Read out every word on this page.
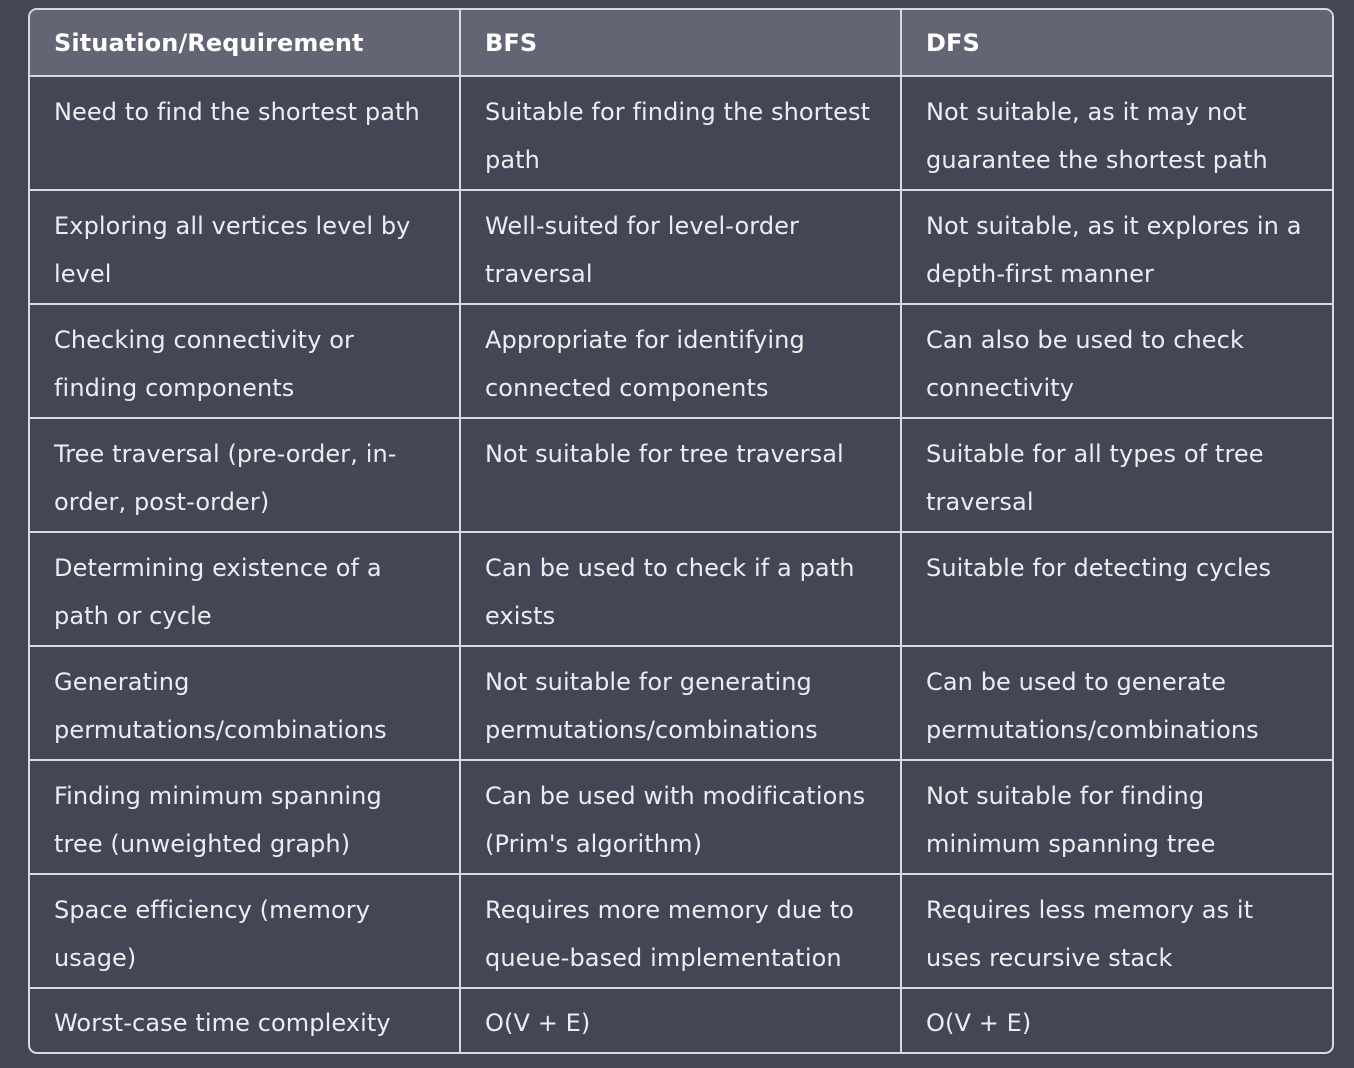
Situation/Requirement	BFS	DFS
Need to find the shortest path	Suitable for finding the shortest path	Not suitable, as it may not guarantee the shortest path
Exploring all vertices level by level	Well-suited for level-order traversal	Not suitable, as it explores in a depth-first manner
Checking connectivity or finding components	Appropriate for identifying connected components	Can also be used to check connectivity
Tree traversal (pre-order, in-order, post-order)	Not suitable for tree traversal	Suitable for all types of tree traversal
Determining existence of a path or cycle	Can be used to check if a path exists	Suitable for detecting cycles
Generating permutations/combinations	Not suitable for generating permutations/combinations	Can be used to generate permutations/combinations
Finding minimum spanning tree (unweighted graph)	Can be used with modifications (Prim's algorithm)	Not suitable for finding minimum spanning tree
Space efficiency (memory usage)	Requires more memory due to queue-based implementation	Requires less memory as it uses recursive stack
Worst-case time complexity	O(V + E)	O(V + E)
